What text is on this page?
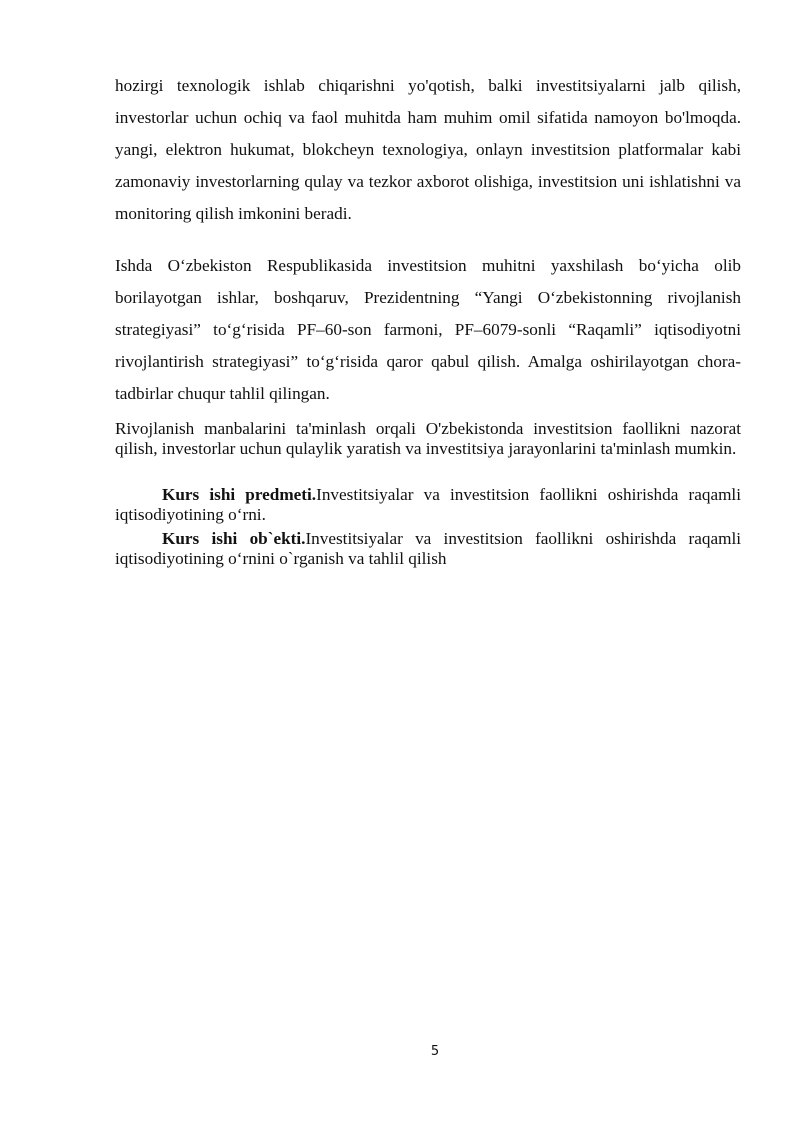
hozirgi texnologik ishlab chiqarishni yo'qotish, balki investitsiyalarni jalb qilish, investorlar uchun ochiq va faol muhitda ham muhim omil sifatida namoyon bo'lmoqda. yangi, elektron hukumat, blokcheyn texnologiya, onlayn investitsion platformalar kabi zamonaviy investorlarning qulay va tezkor axborot olishiga, investitsion uni ishlatishni va monitoring qilish imkonini beradi.

Ishda O‘zbekiston Respublikasida investitsion muhitni yaxshilash bo‘yicha olib borilayotgan ishlar, boshqaruv, Prezidentning “Yangi O‘zbekistonning rivojlanish strategiyasi” to‘g‘risida PF–60-son farmoni, PF–6079-sonli “Raqamli” iqtisodiyotni rivojlantirish strategiyasi” to‘g‘risida qaror qabul qilish. Amalga oshirilayotgan chora-tadbirlar chuqur tahlil qilingan.

Rivojlanish manbalarini ta'minlash orqali O'zbekistonda investitsion faollikni nazorat qilish, investorlar uchun qulaylik yaratish va investitsiya jarayonlarini ta'minlash mumkin.

Kurs ishi predmeti.Investitsiyalar va investitsion faollikni oshirishda raqamli iqtisodiyotining o‘rni.

Kurs ishi ob`ekti.Investitsiyalar va investitsion faollikni oshirishda raqamli iqtisodiyotining o‘rnini o`rganish va tahlil qilish

5
